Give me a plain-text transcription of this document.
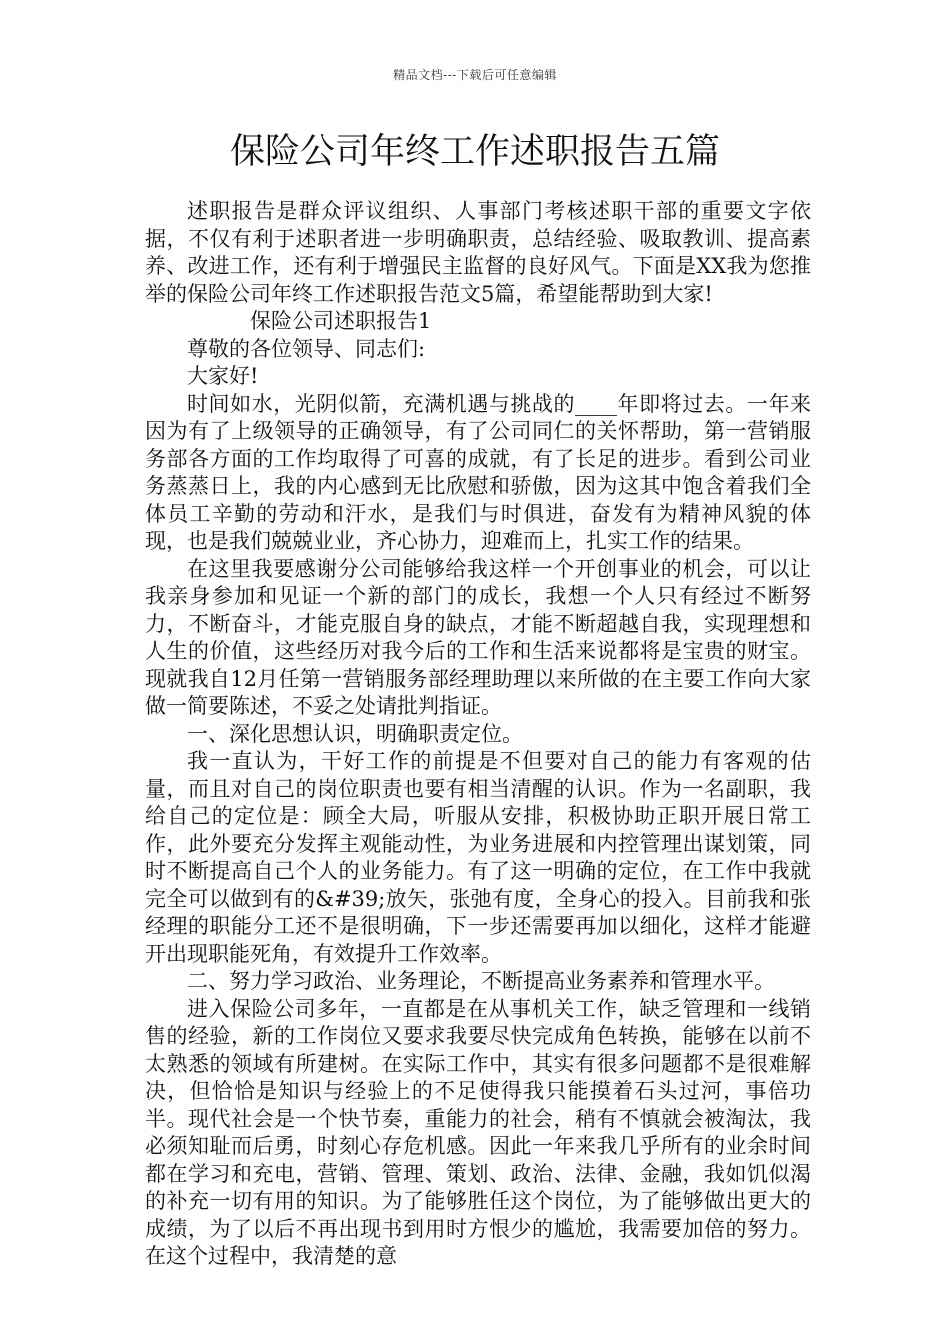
精品文档---下载后可任意编辑
保险公司年终工作述职报告五篇

述职报告是群众评议组织、人事部门考核述职干部的重要文字依据，不仅有利于述职者进一步明确职责，总结经验、吸取教训、提高素养、改进工作，还有利于增强民主监督的良好风气。下面是XX我为您推举的保险公司年终工作述职报告范文5篇，希望能帮助到大家!

保险公司述职报告1

尊敬的各位领导、同志们:

大家好!

时间如水，光阴似箭，充满机遇与挑战的____年即将过去。一年来因为有了上级领导的正确领导，有了公司同仁的关怀帮助，第一营销服务部各方面的工作均取得了可喜的成就，有了长足的进步。看到公司业务蒸蒸日上，我的内心感到无比欣慰和骄傲，因为这其中饱含着我们全体员工辛勤的劳动和汗水，是我们与时俱进，奋发有为精神风貌的体现，也是我们兢兢业业，齐心协力，迎难而上，扎实工作的结果。

在这里我要感谢分公司能够给我这样一个开创事业的机会，可以让我亲身参加和见证一个新的部门的成长，我想一个人只有经过不断努力，不断奋斗，才能克服自身的缺点，才能不断超越自我，实现理想和人生的价值，这些经历对我今后的工作和生活来说都将是宝贵的财宝。现就我自12月任第一营销服务部经理助理以来所做的在主要工作向大家做一简要陈述，不妥之处请批判指证。

一、深化思想认识，明确职责定位。

我一直认为，干好工作的前提是不但要对自己的能力有客观的估量，而且对自己的岗位职责也要有相当清醒的认识。作为一名副职，我给自己的定位是：顾全大局，听服从安排，积极协助正职开展日常工作，此外要充分发挥主观能动性，为业务进展和内控管理出谋划策，同时不断提高自己个人的业务能力。有了这一明确的定位，在工作中我就完全可以做到有的&#39;放矢，张弛有度，全身心的投入。目前我和张经理的职能分工还不是很明确，下一步还需要再加以细化，这样才能避开出现职能死角，有效提升工作效率。

二、努力学习政治、业务理论，不断提高业务素养和管理水平。

进入保险公司多年，一直都是在从事机关工作，缺乏管理和一线销售的经验，新的工作岗位又要求我要尽快完成角色转换，能够在以前不太熟悉的领域有所建树。在实际工作中，其实有很多问题都不是很难解决，但恰恰是知识与经验上的不足使得我只能摸着石头过河，事倍功半。现代社会是一个快节奏，重能力的社会，稍有不慎就会被淘汰，我必须知耻而后勇，时刻心存危机感。因此一年来我几乎所有的业余时间都在学习和充电，营销、管理、策划、政治、法律、金融，我如饥似渴的补充一切有用的知识。为了能够胜任这个岗位，为了能够做出更大的成绩，为了以后不再出现书到用时方恨少的尴尬，我需要加倍的努力。在这个过程中，我清楚的意
